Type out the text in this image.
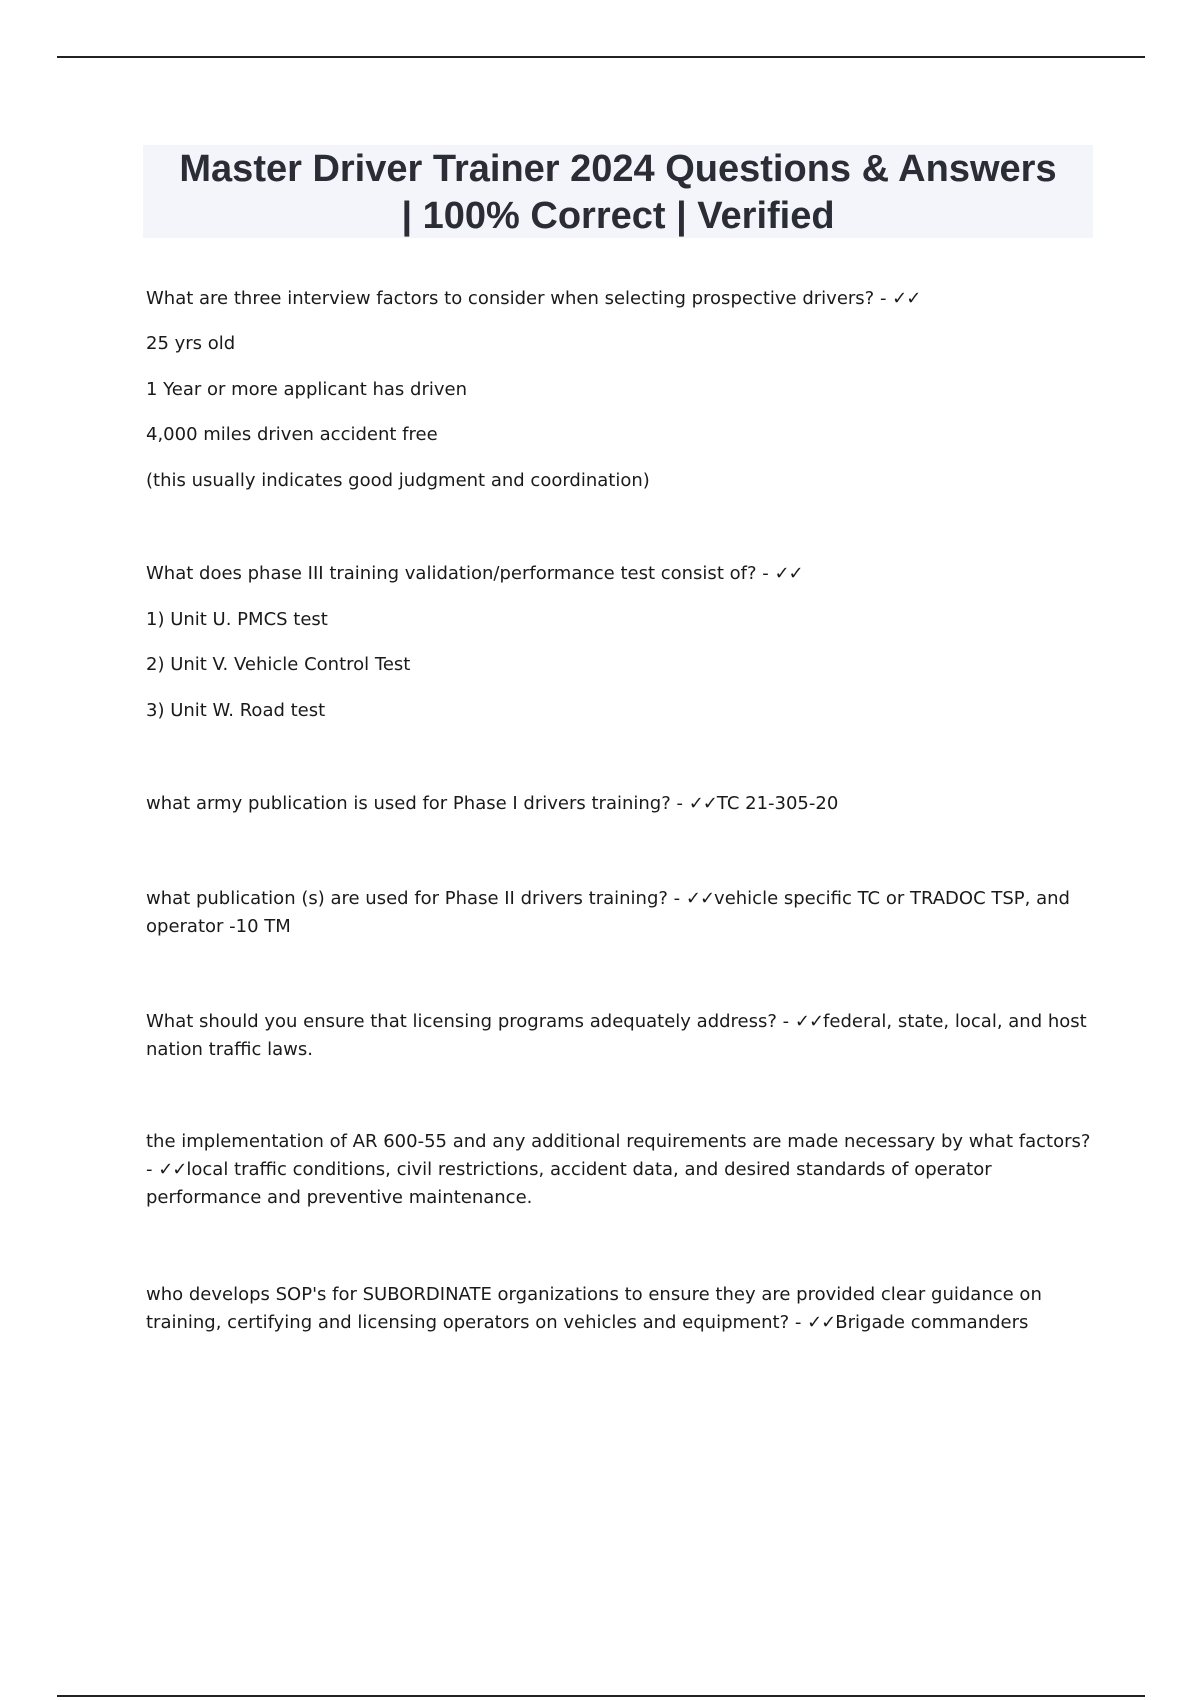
Master Driver Trainer 2024 Questions & Answers
| 100% Correct | Verified

What are three interview factors to consider when selecting prospective drivers? - ✓✓

25 yrs old

1 Year or more applicant has driven

4,000 miles driven accident free

(this usually indicates good judgment and coordination)

What does phase III training validation/performance test consist of? - ✓✓

1) Unit U. PMCS test

2) Unit V. Vehicle Control Test

3) Unit W. Road test

what army publication is used for Phase I drivers training? - ✓✓TC 21-305-20

what publication (s) are used for Phase II drivers training? - ✓✓vehicle specific TC or TRADOC TSP, and operator -10 TM

What should you ensure that licensing programs adequately address? - ✓✓federal, state, local, and host nation traffic laws.

the implementation of AR 600-55 and any additional requirements are made necessary by what factors? - ✓✓local traffic conditions, civil restrictions, accident data, and desired standards of operator performance and preventive maintenance.

who develops SOP's for SUBORDINATE organizations to ensure they are provided clear guidance on training, certifying and licensing operators on vehicles and equipment? - ✓✓Brigade commanders
